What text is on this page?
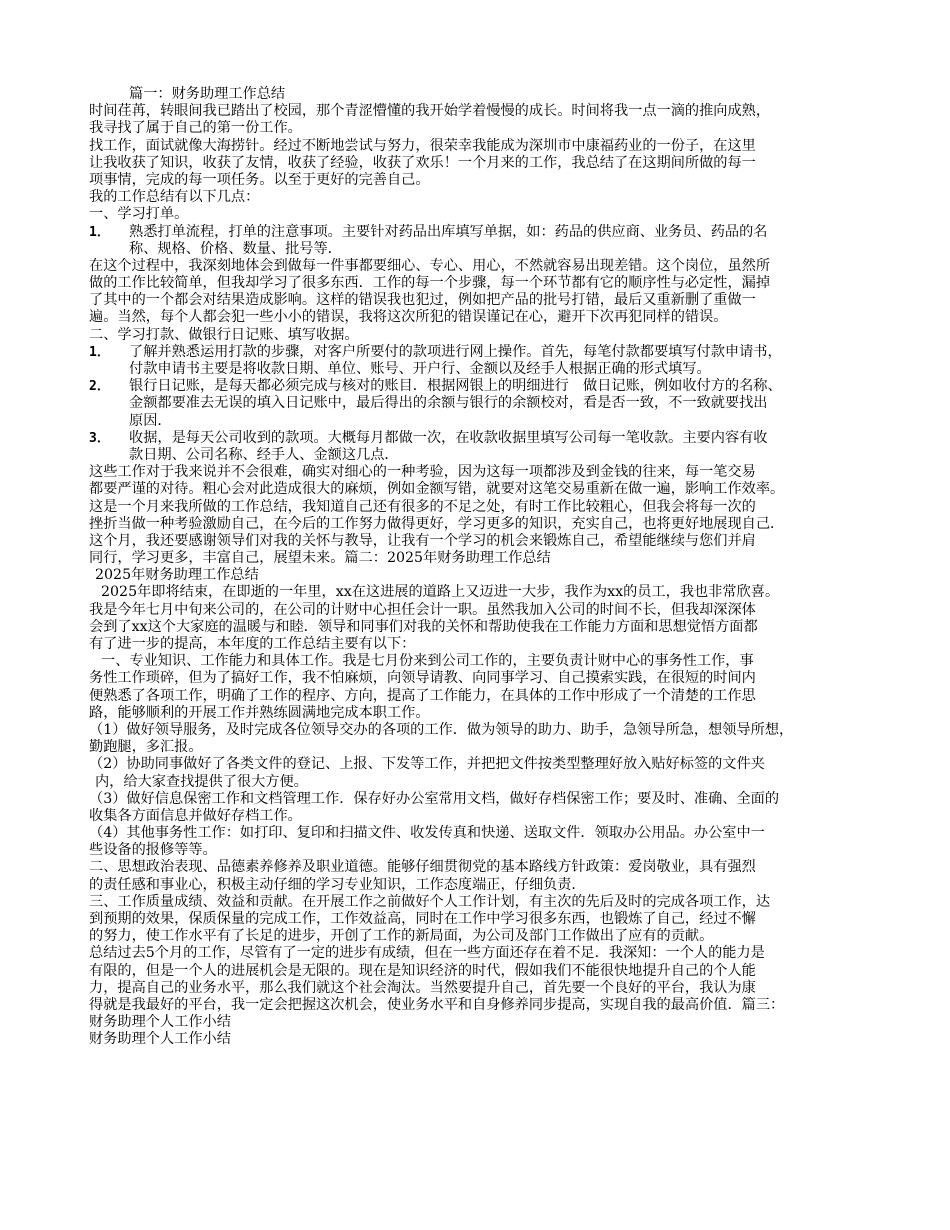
篇一：财务助理工作总结
时间荏苒，转眼间我已踏出了校园，那个青涩懵懂的我开始学着慢慢的成长。时间将我一点一滴的推向成熟，
我寻找了属于自己的第一份工作。
找工作，面试就像大海捞针。经过不断地尝试与努力，很荣幸我能成为深圳市中康福药业的一份子，在这里
让我收获了知识，收获了友情，收获了经验，收获了欢乐！一个月来的工作，我总结了在这期间所做的每一
项事情，完成的每一项任务。以至于更好的完善自己。
我的工作总结有以下几点：
一、学习打单。
1． 熟悉打单流程，打单的注意事项。主要针对药品出库填写单据，如：药品的供应商、业务员、药品的名
称、规格、价格、数量、批号等．
在这个过程中，我深刻地体会到做每一件事都要细心、专心、用心，不然就容易出现差错。这个岗位，虽然所
做的工作比较简单，但我却学习了很多东西．工作的每一个步骤，每一个环节都有它的顺序性与必定性，漏掉
了其中的一个都会对结果造成影响。这样的错误我也犯过，例如把产品的批号打错，最后又重新删了重做一
遍。当然，每个人都会犯一些小小的错误，我将这次所犯的错误谨记在心，避开下次再犯同样的错误。
二、学习打款、做银行日记账、填写收据。
1． 了解并熟悉运用打款的步骤，对客户所要付的款项进行网上操作。首先，每笔付款都要填写付款申请书，
付款申请书主要是将收款日期、单位、账号、开户行、金额以及经手人根据正确的形式填写。
2． 银行日记账，是每天都必须完成与核对的账目．根据网银上的明细进行　做日记账，例如收付方的名称、
金额都要准去无误的填入日记账中，最后得出的余额与银行的余额校对，看是否一致，不一致就要找出
原因．
3． 收据，是每天公司收到的款项。大概每月都做一次，在收款收据里填写公司每一笔收款。主要内容有收
款日期、公司名称、经手人、金额这几点．
这些工作对于我来说并不会很难，确实对细心的一种考验，因为这每一项都涉及到金钱的往来，每一笔交易
都要严谨的对待。粗心会对此造成很大的麻烦，例如金额写错，就要对这笔交易重新在做一遍，影响工作效率。
这是一个月来我所做的工作总结，我知道自己还有很多的不足之处，有时工作比较粗心，但我会将每一次的
挫折当做一种考验激励自己，在今后的工作努力做得更好，学习更多的知识，充实自己，也将更好地展现自己．
这个月，我还要感谢领导们对我的关怀与教导，让我有一个学习的机会来锻炼自己，希望能继续与您们并肩
同行，学习更多，丰富自己，展望未来。篇二：2025年财务助理工作总结
2025年财务助理工作总结
2025年即将结束，在即逝的一年里，xx在这进展的道路上又迈进一大步，我作为xx的员工，我也非常欣喜。
我是今年七月中旬来公司的，在公司的计财中心担任会计一职。虽然我加入公司的时间不长，但我却深深体
会到了xx这个大家庭的温暖与和睦．领导和同事们对我的关怀和帮助使我在工作能力方面和思想觉悟方面都
有了进一步的提高，本年度的工作总结主要有以下：
一、专业知识、工作能力和具体工作。我是七月份来到公司工作的，主要负责计财中心的事务性工作，事
务性工作琐碎，但为了搞好工作，我不怕麻烦，向领导请教、向同事学习、自己摸索实践，在很短的时间内
便熟悉了各项工作，明确了工作的程序、方向，提高了工作能力，在具体的工作中形成了一个清楚的工作思
路，能够顺利的开展工作并熟练圆满地完成本职工作。
（1）做好领导服务，及时完成各位领导交办的各项的工作．做为领导的助力、助手，急领导所急，想领导所想，
勤跑腿，多汇报。
（2）协助同事做好了各类文件的登记、上报、下发等工作，并把把文件按类型整理好放入贴好标签的文件夹
内，给大家查找提供了很大方便。
（3）做好信息保密工作和文档管理工作．保存好办公室常用文档，做好存档保密工作；要及时、准确、全面的
收集各方面信息并做好存档工作。
（4）其他事务性工作：如打印、复印和扫描文件、收发传真和快递、送取文件．领取办公用品。办公室中一
些设备的报修等等。
二、思想政治表现、品德素养修养及职业道德。能够仔细贯彻党的基本路线方针政策：爱岗敬业，具有强烈
的责任感和事业心，积极主动仔细的学习专业知识，工作态度端正，仔细负责．
三、工作质量成绩、效益和贡献。在开展工作之前做好个人工作计划，有主次的先后及时的完成各项工作，达
到预期的效果，保质保量的完成工作，工作效益高，同时在工作中学习很多东西，也锻炼了自己，经过不懈
的努力，使工作水平有了长足的进步，开创了工作的新局面，为公司及部门工作做出了应有的贡献。
总结过去5个月的工作，尽管有了一定的进步有成绩，但在一些方面还存在着不足．我深知：一个人的能力是
有限的，但是一个人的进展机会是无限的。现在是知识经济的时代，假如我们不能很快地提升自己的个人能
力，提高自己的业务水平，那么我们就这个社会淘汰。当然要提升自己，首先要一个良好的平台，我认为康
得就是我最好的平台，我一定会把握这次机会，使业务水平和自身修养同步提高，实现自我的最高价值．篇三：
财务助理个人工作小结
财务助理个人工作小结
